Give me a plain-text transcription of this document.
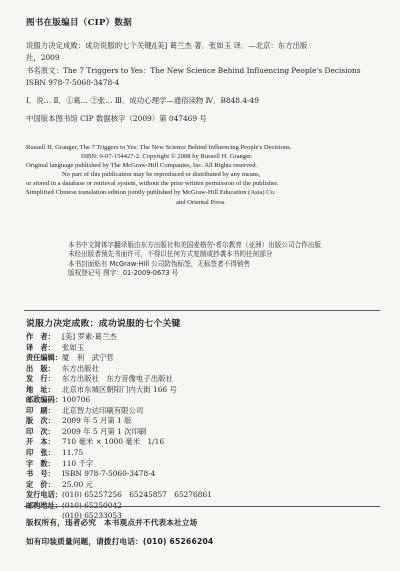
图书在版编目（CIP）数据
说服力决定成败：成功说服的七个关键/[美] 葛兰杰 著．张如玉 译．—北京：东方出版
社，2009
书名原文：The 7 Triggers to Yes：The New Science Behind Influencing People's Decisions
ISBN 978-7-5060-3478-4
Ⅰ．说… Ⅱ．①葛… ②张… Ⅲ．成功心理学—通俗读物 Ⅳ．B848.4-49
中国版本图书馆 CIP 数据核字（2009）第 047469 号
Russell H. Granger, The 7 Triggers to Yes: The New Science Behind Influencing People's Decisions.
ISBN: 0-07-154427-2. Copyright © 2008 by Russell H. Granger.
Original language published by The McGraw-Hill Companies, Inc. All Rights reserved.
No part of this publication may be reproduced or distributed by any means,
or stored in a database or retrieval system, without the prior written permission of the publisher.
Simplified Chinese translation edition jointly published by McGraw-Hill Education (Asia) Co.
and Oriental Press.
本书中文简体字翻译版由东方出版社和美国麦格劳-希尔教育（亚洲）出版公司合作出版
未经出版者预先书面许可，不得以任何方式复制或抄袭本书的任何部分
本书封面贴有 McGraw-Hill 公司防伪标签，无标签者不得销售
版权登记号 图字：01-2009-0673 号
说服力决定成败：成功说服的七个关键
作　者： [美] 罗素·葛兰杰
译　者： 张如玉
责任编辑： 厦　利　武宁哲
出　版： 东方出版社
发　行： 东方出版社　东方音像电子出版社
地　址： 北京市东城区朝阳门内大街 166 号
邮政编码： 100706
印　刷： 北京智力达印刷有限公司
版　次： 2009 年 5 月第 1 版
印　次： 2009 年 5 月第 1 次印刷
开　本： 710 毫米 × 1000 毫米　1/16
印　张： 11.75
字　数： 110 千字
书　号： ISBN 978-7-5060-3478-4
定　价： 25.00 元
发行电话： (010) 65257256　65245857　65276861
邮购地址： (010) 65250042
(010) 65233053
版权所有，违者必究　本书观点并不代表本社立场
如有印装质量问题，请拨打电话：(010) 65266204
